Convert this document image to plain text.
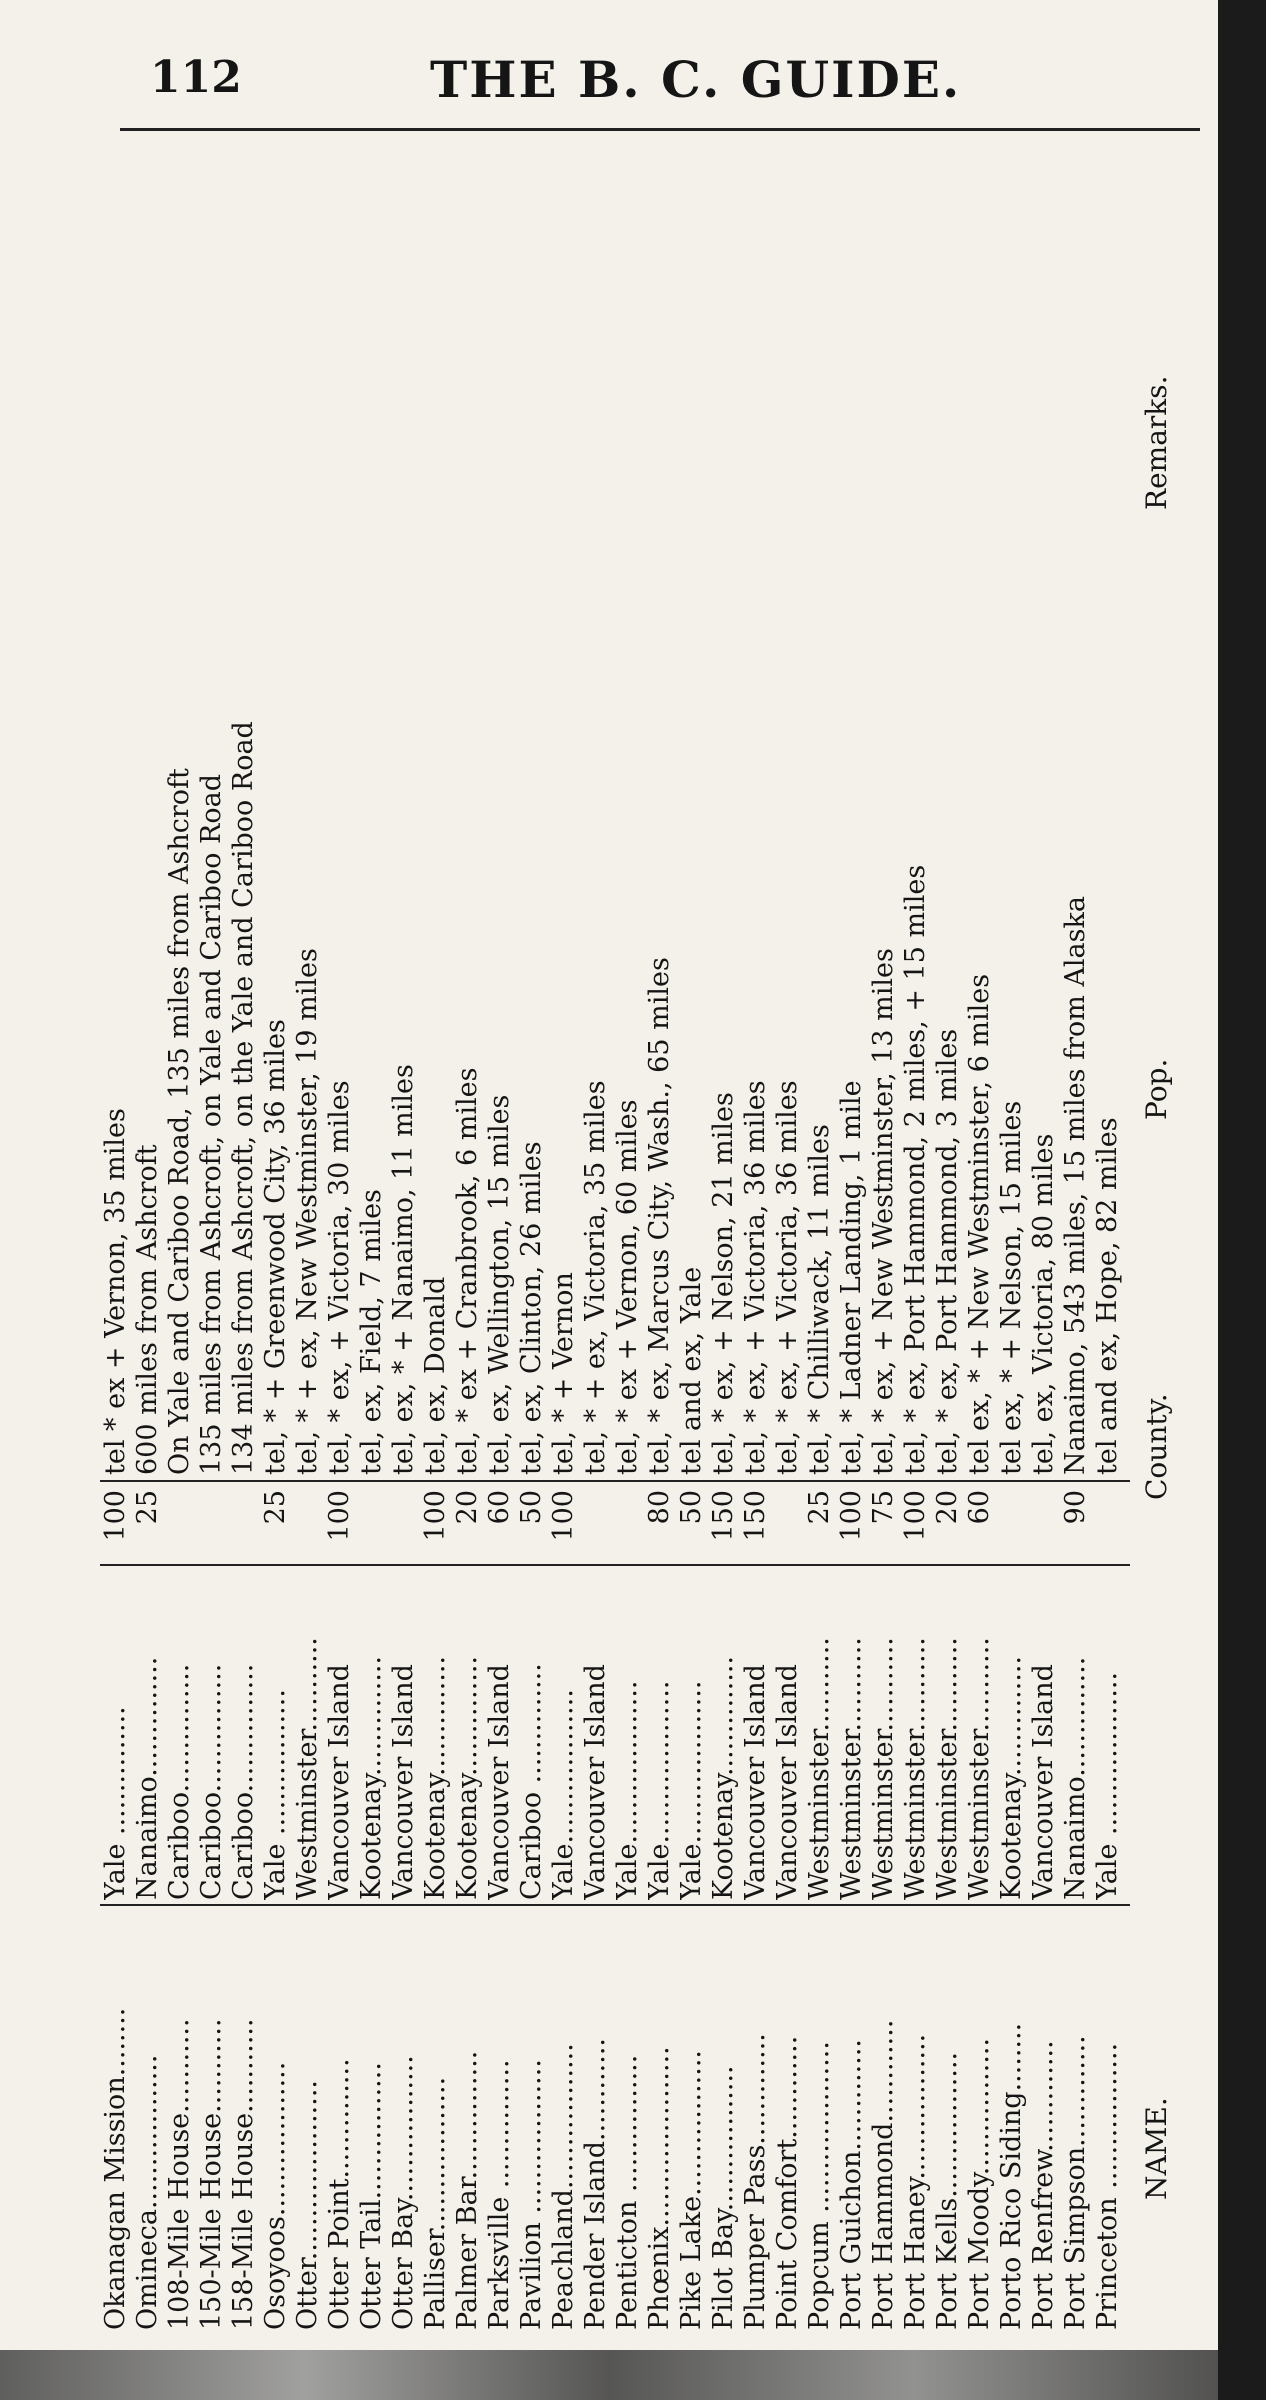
112	THE B. C. GUIDE.
Okanagan Mission........
Yale ...............
100
tel * ex + Vernon, 35 miles
Omineca..................
Nanaimo..............
25
600 miles from Ashcroft
108-Mile House...........
Cariboo...............
On Yale and Cariboo Road, 135 miles from Ashcroft
150-Mile House...........
Cariboo...............
135 miles from Ashcroft, on Yale and Cariboo Road
158-Mile House...........
Cariboo...............
134 miles from Ashcroft, on the Yale and Cariboo Road
Osoyoos..................
Yale .................
25
tel, * + Greenwood City, 36 miles
Otter.....................
Westminster...........
tel, * + ex, New Westminster, 19 miles
Otter Point..............
Vancouver Island
100
tel, * ex, + Victoria, 30 miles
Otter Tail................
Kootenay..............
tel, ex, Field, 7 miles
Otter Bay.................
Vancouver Island
tel, ex, * + Nanaimo, 11 miles
Palliser..................
Kootenay..............
100
tel, ex, Donald
Palmer Bar...............
Kootenay..............
20
tel, * ex + Cranbrook, 6 miles
Parksville ...............
Vancouver Island
60
tel, ex, Wellington, 15 miles
Pavilion ..................
Cariboo ..............
50
tel, ex, Clinton, 26 miles
Peachland.................
Yale..................
100
tel, * + Vernon
Pender Island............
Vancouver Island
tel, * + ex, Victoria, 35 miles
Penticton ................
Yale...................
tel, * ex + Vernon, 60 miles
Phœnix.....................
Yale...................
80
tel, * ex, Marcus City, Wash., 65 miles
Pike Lake.................
Yale...................
50
tel and ex, Yale
Pilot Bay.................
Kootenay..............
150
tel, * ex, + Nelson, 21 miles
Plumper Pass.............
Vancouver Island
150
tel, * ex, + Victoria, 36 miles
Point Comfort............
Vancouver Island
tel, * ex, + Victoria, 36 miles
Popcum ....................
Westminster...........
25
tel, * Chilliwack, 11 miles
Port Guichon.............
Westminster...........
100
tel, * Ladner Landing, 1 mile
Port Hammond............
Westminster...........
75
tel, * ex, + New Westminster, 13 miles
Port Haney.................
Westminster...........
100
tel, * ex, Port Hammond, 2 miles, + 15 miles
Port Kells.................
Westminster...........
20
tel, * ex, Port Hammond, 3 miles
Port Moody................
Westminster...........
60
tel ex, * + New Westminster, 6 miles
Porto Rico Siding........
Kootenay..............
tel ex, * + Nelson, 15 miles
Port Renfrew.............
Vancouver Island
tel, ex, Victoria, 80 miles
Port Simpson.............
Nanaimo..............
90
Nanaimo, 543 miles, 15 miles from Alaska
Princeton .................
Yale ...................
tel and ex, Hope, 82 miles
NAME.
County.
Pop.
Remarks.
